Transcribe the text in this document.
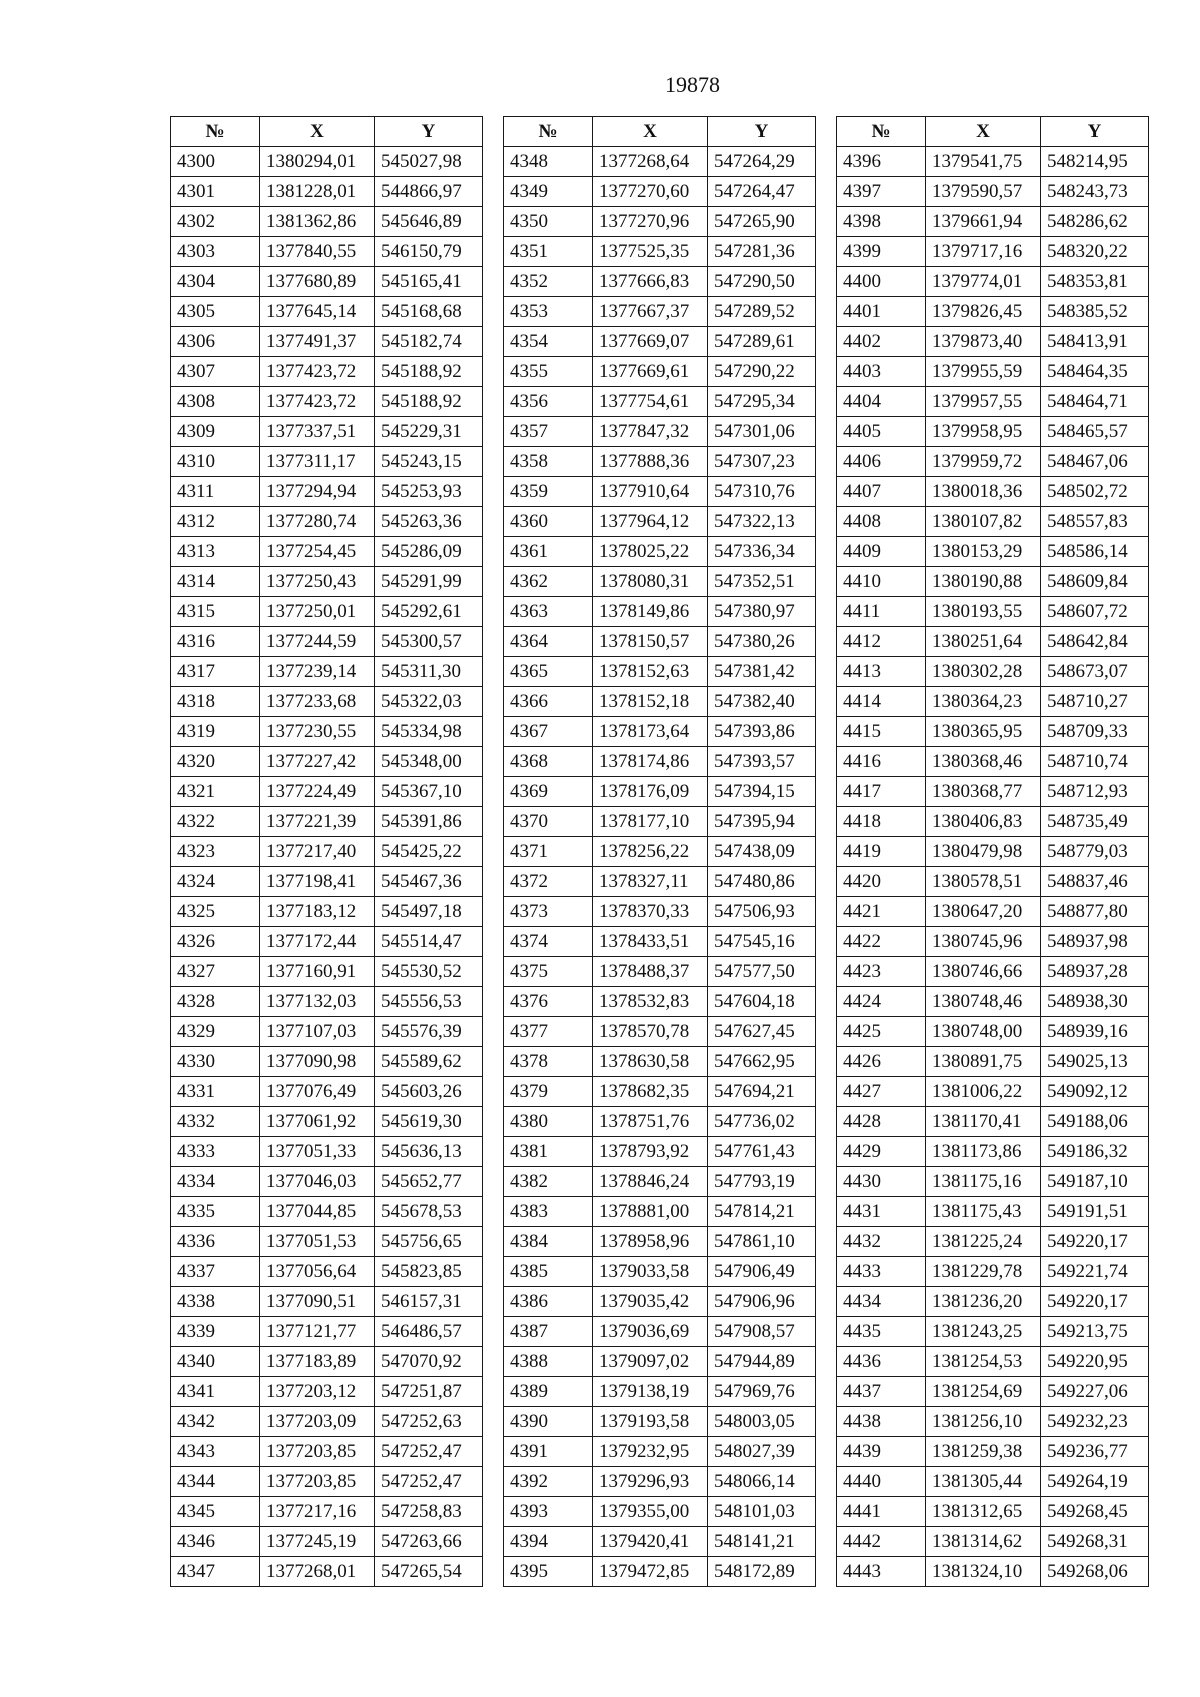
19878
№	X	Y
4300	1380294,01	545027,98
4301	1381228,01	544866,97
4302	1381362,86	545646,89
4303	1377840,55	546150,79
4304	1377680,89	545165,41
4305	1377645,14	545168,68
4306	1377491,37	545182,74
4307	1377423,72	545188,92
4308	1377423,72	545188,92
4309	1377337,51	545229,31
4310	1377311,17	545243,15
4311	1377294,94	545253,93
4312	1377280,74	545263,36
4313	1377254,45	545286,09
4314	1377250,43	545291,99
4315	1377250,01	545292,61
4316	1377244,59	545300,57
4317	1377239,14	545311,30
4318	1377233,68	545322,03
4319	1377230,55	545334,98
4320	1377227,42	545348,00
4321	1377224,49	545367,10
4322	1377221,39	545391,86
4323	1377217,40	545425,22
4324	1377198,41	545467,36
4325	1377183,12	545497,18
4326	1377172,44	545514,47
4327	1377160,91	545530,52
4328	1377132,03	545556,53
4329	1377107,03	545576,39
4330	1377090,98	545589,62
4331	1377076,49	545603,26
4332	1377061,92	545619,30
4333	1377051,33	545636,13
4334	1377046,03	545652,77
4335	1377044,85	545678,53
4336	1377051,53	545756,65
4337	1377056,64	545823,85
4338	1377090,51	546157,31
4339	1377121,77	546486,57
4340	1377183,89	547070,92
4341	1377203,12	547251,87
4342	1377203,09	547252,63
4343	1377203,85	547252,47
4344	1377203,85	547252,47
4345	1377217,16	547258,83
4346	1377245,19	547263,66
4347	1377268,01	547265,54
№	X	Y
4348	1377268,64	547264,29
4349	1377270,60	547264,47
4350	1377270,96	547265,90
4351	1377525,35	547281,36
4352	1377666,83	547290,50
4353	1377667,37	547289,52
4354	1377669,07	547289,61
4355	1377669,61	547290,22
4356	1377754,61	547295,34
4357	1377847,32	547301,06
4358	1377888,36	547307,23
4359	1377910,64	547310,76
4360	1377964,12	547322,13
4361	1378025,22	547336,34
4362	1378080,31	547352,51
4363	1378149,86	547380,97
4364	1378150,57	547380,26
4365	1378152,63	547381,42
4366	1378152,18	547382,40
4367	1378173,64	547393,86
4368	1378174,86	547393,57
4369	1378176,09	547394,15
4370	1378177,10	547395,94
4371	1378256,22	547438,09
4372	1378327,11	547480,86
4373	1378370,33	547506,93
4374	1378433,51	547545,16
4375	1378488,37	547577,50
4376	1378532,83	547604,18
4377	1378570,78	547627,45
4378	1378630,58	547662,95
4379	1378682,35	547694,21
4380	1378751,76	547736,02
4381	1378793,92	547761,43
4382	1378846,24	547793,19
4383	1378881,00	547814,21
4384	1378958,96	547861,10
4385	1379033,58	547906,49
4386	1379035,42	547906,96
4387	1379036,69	547908,57
4388	1379097,02	547944,89
4389	1379138,19	547969,76
4390	1379193,58	548003,05
4391	1379232,95	548027,39
4392	1379296,93	548066,14
4393	1379355,00	548101,03
4394	1379420,41	548141,21
4395	1379472,85	548172,89
№	X	Y
4396	1379541,75	548214,95
4397	1379590,57	548243,73
4398	1379661,94	548286,62
4399	1379717,16	548320,22
4400	1379774,01	548353,81
4401	1379826,45	548385,52
4402	1379873,40	548413,91
4403	1379955,59	548464,35
4404	1379957,55	548464,71
4405	1379958,95	548465,57
4406	1379959,72	548467,06
4407	1380018,36	548502,72
4408	1380107,82	548557,83
4409	1380153,29	548586,14
4410	1380190,88	548609,84
4411	1380193,55	548607,72
4412	1380251,64	548642,84
4413	1380302,28	548673,07
4414	1380364,23	548710,27
4415	1380365,95	548709,33
4416	1380368,46	548710,74
4417	1380368,77	548712,93
4418	1380406,83	548735,49
4419	1380479,98	548779,03
4420	1380578,51	548837,46
4421	1380647,20	548877,80
4422	1380745,96	548937,98
4423	1380746,66	548937,28
4424	1380748,46	548938,30
4425	1380748,00	548939,16
4426	1380891,75	549025,13
4427	1381006,22	549092,12
4428	1381170,41	549188,06
4429	1381173,86	549186,32
4430	1381175,16	549187,10
4431	1381175,43	549191,51
4432	1381225,24	549220,17
4433	1381229,78	549221,74
4434	1381236,20	549220,17
4435	1381243,25	549213,75
4436	1381254,53	549220,95
4437	1381254,69	549227,06
4438	1381256,10	549232,23
4439	1381259,38	549236,77
4440	1381305,44	549264,19
4441	1381312,65	549268,45
4442	1381314,62	549268,31
4443	1381324,10	549268,06
